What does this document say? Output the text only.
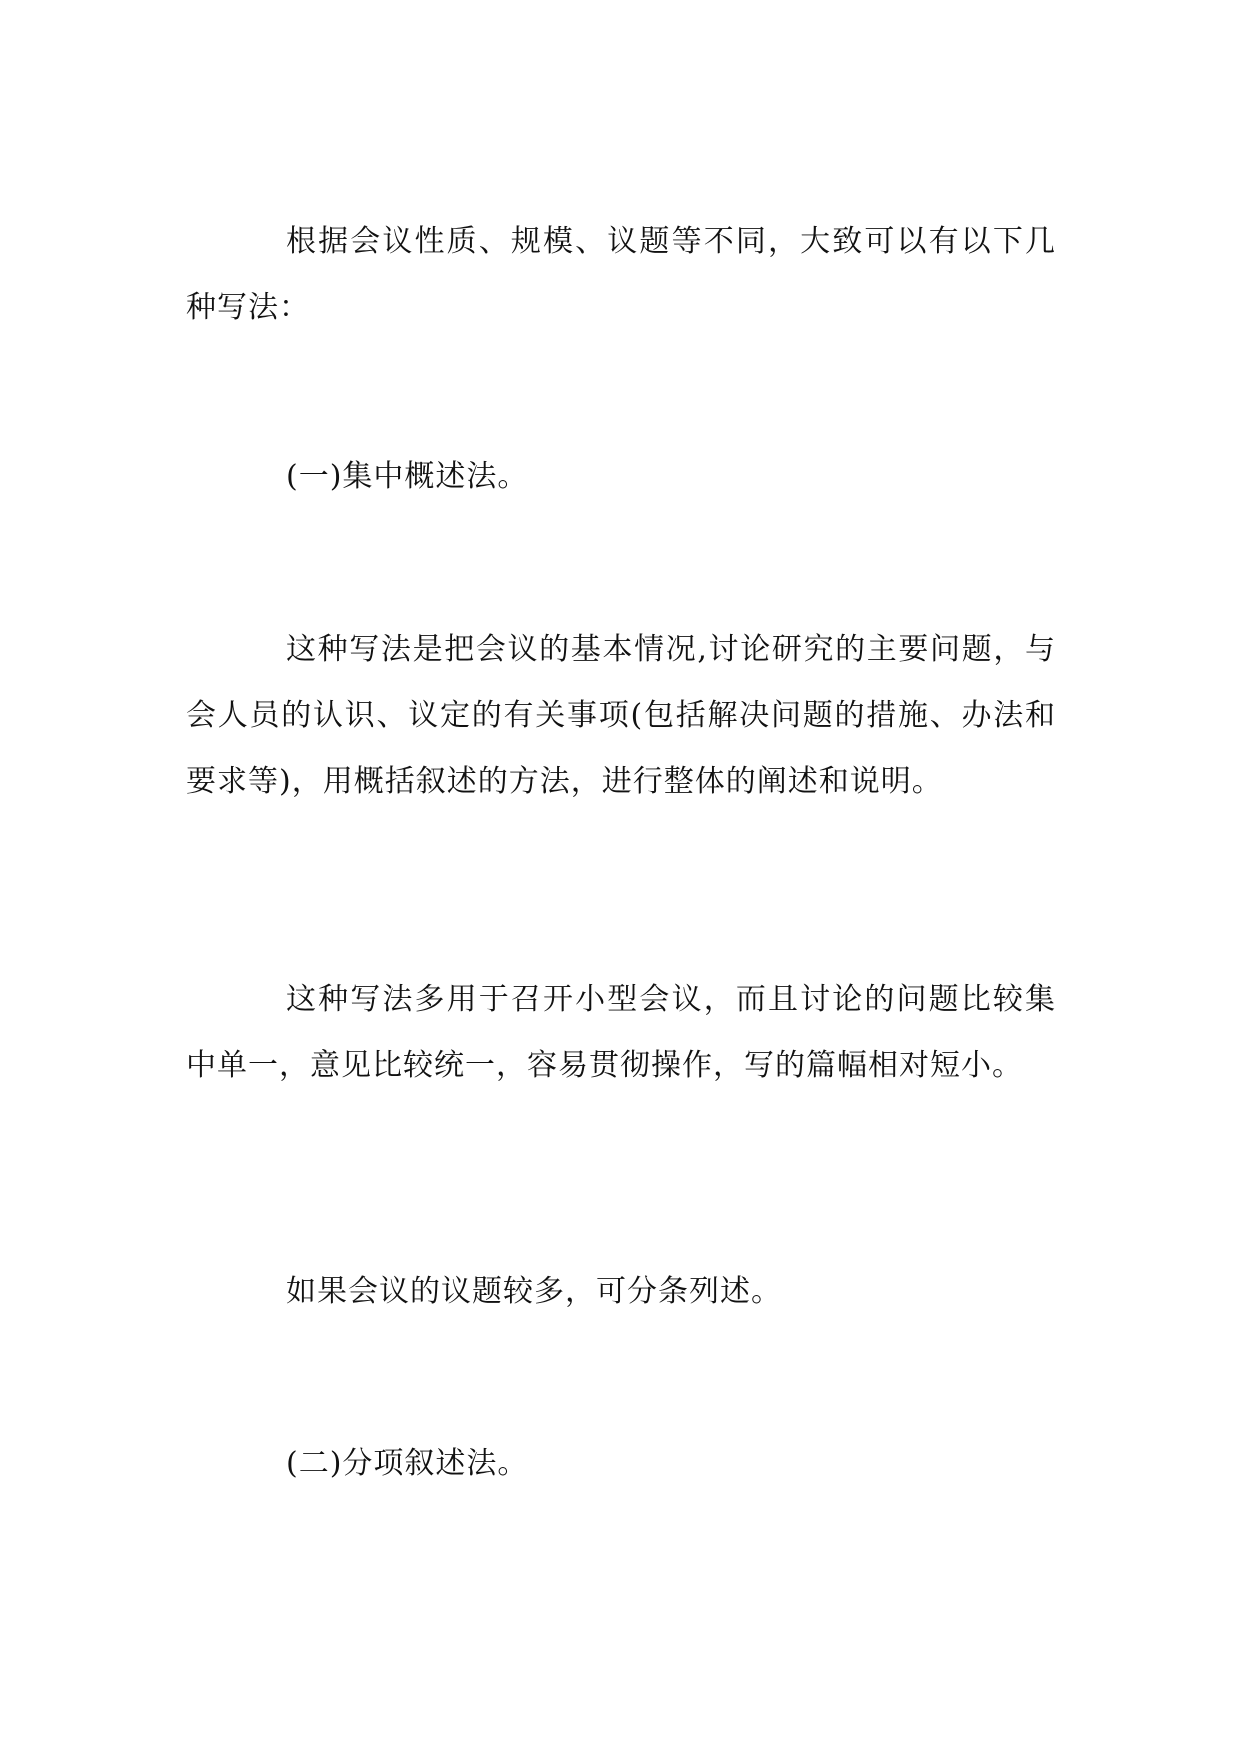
根据会议性质、规模、议题等不同，大致可以有以下几种写法：

(一)集中概述法。

这种写法是把会议的基本情况,讨论研究的主要问题，与会人员的认识、议定的有关事项(包括解决问题的措施、办法和要求等)，用概括叙述的方法，进行整体的阐述和说明。

这种写法多用于召开小型会议，而且讨论的问题比较集中单一，意见比较统一，容易贯彻操作，写的篇幅相对短小。

如果会议的议题较多，可分条列述。

(二)分项叙述法。
